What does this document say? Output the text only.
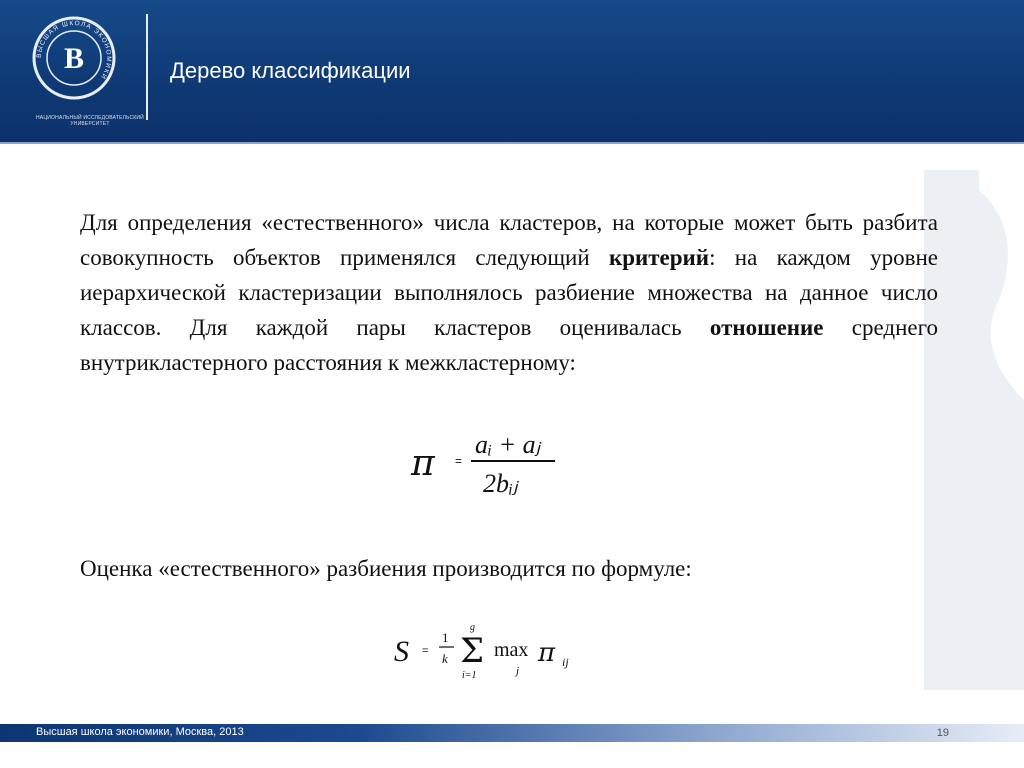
ВЫСШАЯ ШКОЛА ЭКОНОМИКИ
В
НАЦИОНАЛЬНЫЙ ИССЛЕДОВАТЕЛЬСКИЙ УНИВЕРСИТЕТ
Дерево классификации
Для определения «естественного» числа кластеров, на которые может быть разбита совокупность объектов применялся следующий критерий: на каждом уровне иерархической кластеризации выполнялось разбиение множества на данное число классов. Для каждой пары кластеров оценивалась отношение среднего внутрикластерного расстояния к межкластерному:
π =
aᵢ + aⱼ
2bᵢⱼ
Оценка «естественного» разбиения производится по формуле:
S =
1
k
g
Σ
i=1
max
j
π ij
Высшая школа экономики, Москва, 2013	19
